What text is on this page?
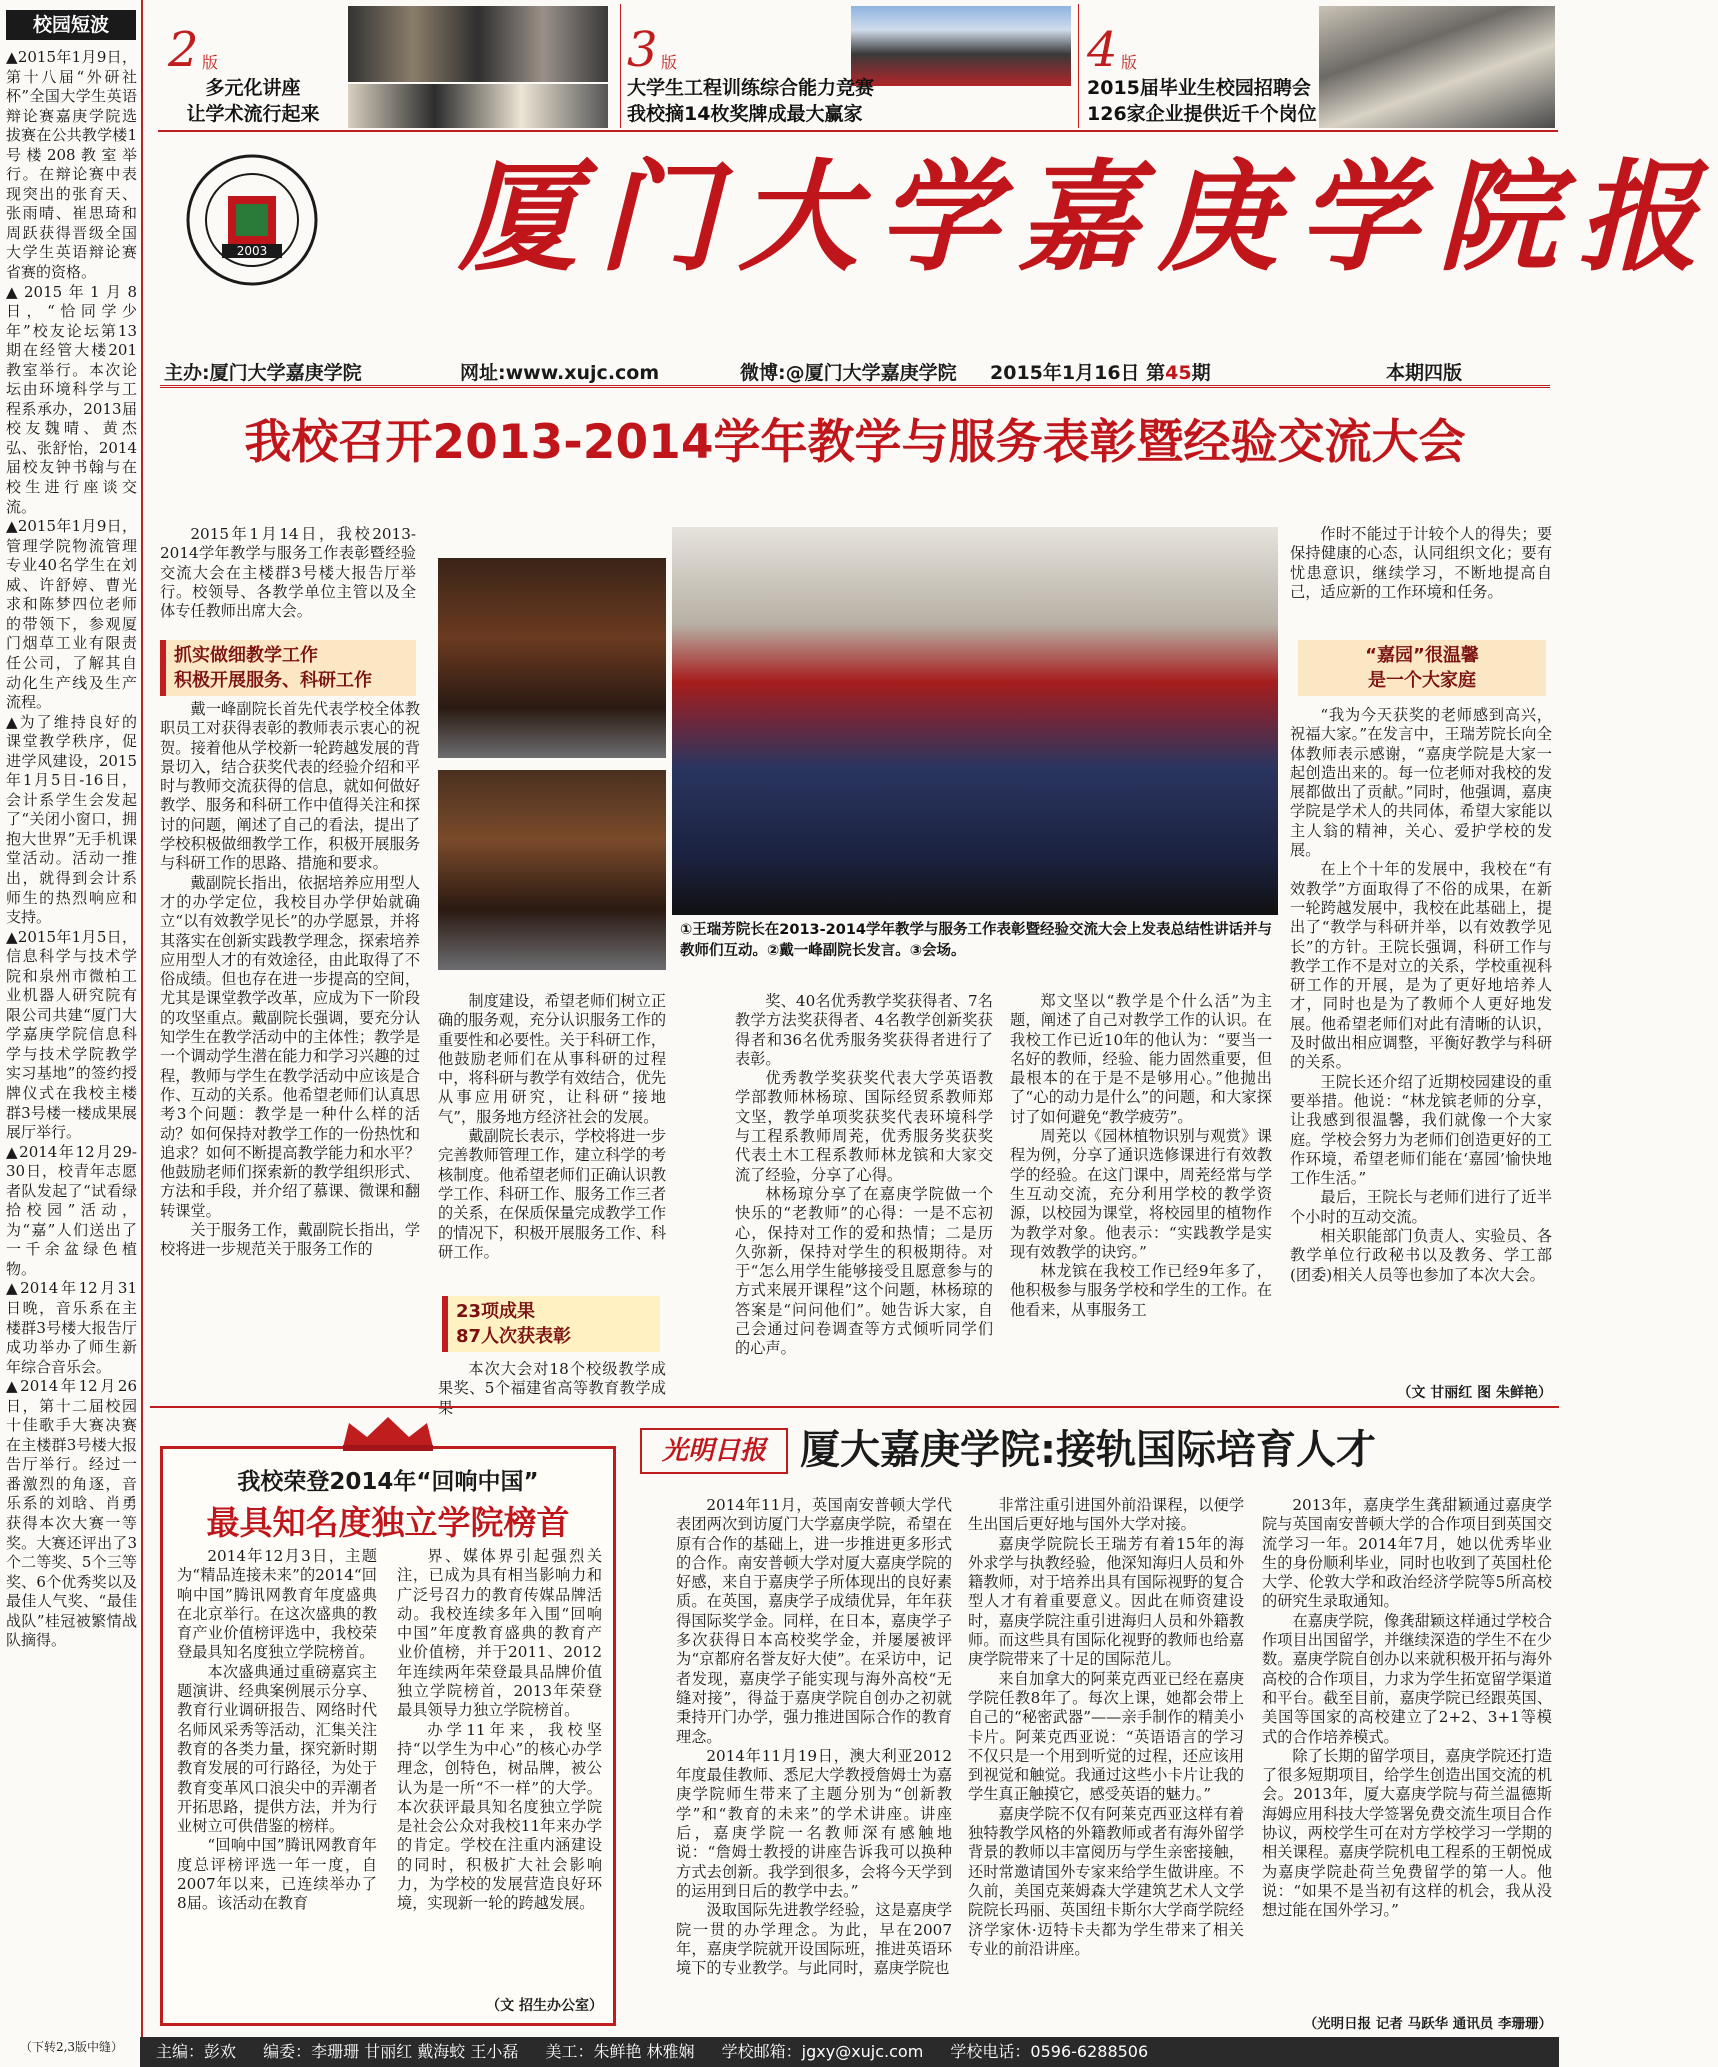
校园短波

▲2015年1月9日，第十八届“外研社杯”全国大学生英语辩论赛嘉庚学院选拔赛在公共教学楼1号楼208教室举行。在辩论赛中表现突出的张育天、张雨晴、崔思琦和周跃获得晋级全国大学生英语辩论赛省赛的资格。

▲2015年1月8日，“恰同学少年”校友论坛第13期在经管大楼201教室举行。本次论坛由环境科学与工程系承办，2013届校友魏晴、黄杰弘、张舒怡，2014届校友钟书翰与在校生进行座谈交流。

▲2015年1月9日，管理学院物流管理专业40名学生在刘威、许舒婷、曹光求和陈梦四位老师的带领下，参观厦门烟草工业有限责任公司，了解其自动化生产线及生产流程。

▲为了维持良好的课堂教学秩序，促进学风建设，2015年1月5日-16日，会计系学生会发起了“关闭小窗口，拥抱大世界”无手机课堂活动。活动一推出，就得到会计系师生的热烈响应和支持。

▲2015年1月5日，信息科学与技术学院和泉州市微柏工业机器人研究院有限公司共建“厦门大学嘉庚学院信息科学与技术学院教学实习基地”的签约授牌仪式在我校主楼群3号楼一楼成果展展厅举行。

▲2014年12月29-30日，校青年志愿者队发起了“试看绿拾校园”活动，为“嘉”人们送出了一千余盆绿色植物。

▲2014年12月31日晚，音乐系在主楼群3号楼大报告厅成功举办了师生新年综合音乐会。

▲2014年12月26日，第十二届校园十佳歌手大赛决赛在主楼群3号楼大报告厅举行。经过一番激烈的角逐，音乐系的刘晗、肖勇获得本次大赛一等奖。大赛还评出了3个二等奖、5个三等奖、6个优秀奖以及最佳人气奖、“最佳战队”桂冠被繁情战队摘得。

（下转2,3版中缝）
2 版
多元化讲座
让学术流行起来
3 版
大学生工程训练综合能力竞赛
我校摘14枚奖牌成最大赢家
4 版
2015届毕业生校园招聘会
126家企业提供近千个岗位
2003 厦门大学嘉庚学院报
主办:厦门大学嘉庚学院	网址:www.xujc.com	微博:@厦门大学嘉庚学院 2015年1月16日 第45期	本期四版
我校召开2013-2014学年教学与服务表彰暨经验交流大会

2015年1月14日，我校2013-2014学年教学与服务工作表彰暨经验交流大会在主楼群3号楼大报告厅举行。校领导、各教学单位主管以及全体专任教师出席大会。

抓实做细教学工作
积极开展服务、科研工作

戴一峰副院长首先代表学校全体教职员工对获得表彰的教师表示衷心的祝贺。接着他从学校新一轮跨越发展的背景切入，结合获奖代表的经验介绍和平时与教师交流获得的信息，就如何做好教学、服务和科研工作中值得关注和探讨的问题，阐述了自己的看法，提出了学校积极做细教学工作，积极开展服务与科研工作的思路、措施和要求。

戴副院长指出，依据培养应用型人才的办学定位，我校目办学伊始就确立“以有效教学见长”的办学愿景，并将其落实在创新实践教学理念，探索培养应用型人才的有效途径，由此取得了不俗成绩。但也存在进一步提高的空间，尤其是课堂教学改革，应成为下一阶段的攻坚重点。戴副院长强调，要充分认知学生在教学活动中的主体性；教学是一个调动学生潜在能力和学习兴趣的过程，教师与学生在教学活动中应该是合作、互动的关系。他希望老师们认真思考3个问题：教学是一种什么样的活动？如何保持对教学工作的一份热忱和追求？如何不断提高教学能力和水平？他鼓励老师们探索新的教学组织形式、方法和手段，并介绍了慕课、微课和翻转课堂。

关于服务工作，戴副院长指出，学校将进一步规范关于服务工作的

①王瑞芳院长在2013-2014学年教学与服务工作表彰暨经验交流大会上发表总结性讲话并与教师们互动。②戴一峰副院长发言。③会场。

制度建设，希望老师们树立正确的服务观，充分认识服务工作的重要性和必要性。关于科研工作，他鼓励老师们在从事科研的过程中，将科研与教学有效结合，优先从事应用研究，让科研“接地气”，服务地方经济社会的发展。

戴副院长表示，学校将进一步完善教师管理工作，建立科学的考核制度。他希望老师们正确认识教学工作、科研工作、服务工作三者的关系，在保质保量完成教学工作的情况下，积极开展服务工作、科研工作。

23项成果
87人次获表彰

本次大会对18个校级教学成果奖、5个福建省高等教育教学成

奖、40名优秀教学奖获得者、7名教学方法奖获得者、4名教学创新奖获得者和36名优秀服务奖获得者进行了表彰。

优秀教学奖获奖代表大学英语教学部教师林杨琼、国际经贸系教师郑文坚，教学单项奖获奖代表环境科学与工程系教师周茺，优秀服务奖获奖代表土木工程系教师林龙镔和大家交流了经验，分享了心得。

林杨琼分享了在嘉庚学院做一个快乐的“老教师”的心得：一是不忘初心，保持对工作的爱和热情；二是历久弥新，保持对学生的积极期待。对于“怎么用学生能够接受且愿意参与的方式来展开课程”这个问题，林杨琼的答案是“问问他们”。她告诉大家，自己会通过问卷调查等方式倾听同学们的心声。

郑文坚以“教学是个什么活”为主题，阐述了自己对教学工作的认识。在我校工作已近10年的他认为：“要当一名好的教师，经验、能力固然重要，但最根本的在于是不是够用心。”他抛出了“心的动力是什么”的问题，和大家探讨了如何避免“教学疲劳”。

周茺以《园林植物识别与观赏》课程为例，分享了通识选修课进行有效教学的经验。在这门课中，周茺经常与学生互动交流，充分利用学校的教学资源，以校园为课堂，将校园里的植物作为教学对象。他表示：“实践教学是实现有效教学的诀窍。”

林龙镔在我校工作已经9年多了，他积极参与服务学校和学生的工作。在他看来，从事服务工

作时不能过于计较个人的得失；要保持健康的心态，认同组织文化；要有忧患意识，继续学习，不断地提高自己，适应新的工作环境和任务。

“嘉园”很温馨
是一个大家庭

“我为今天获奖的老师感到高兴，祝福大家。”在发言中，王瑞芳院长向全体教师表示感谢，“嘉庚学院是大家一起创造出来的。每一位老师对我校的发展都做出了贡献。”同时，他强调，嘉庚学院是学术人的共同体，希望大家能以主人翁的精神，关心、爱护学校的发展。

在上个十年的发展中，我校在“有效教学”方面取得了不俗的成果，在新一轮跨越发展中，我校在此基础上，提出了“教学与科研并举，以有效教学见长”的方针。王院长强调，科研工作与教学工作不是对立的关系，学校重视科研工作的开展，是为了更好地培养人才，同时也是为了教师个人更好地发展。他希望老师们对此有清晰的认识，及时做出相应调整，平衡好教学与科研的关系。

王院长还介绍了近期校园建设的重要举措。他说：“林龙镔老师的分享，让我感到很温馨，我们就像一个大家庭。学校会努力为老师们创造更好的工作环境，希望老师们能在‘嘉园’愉快地工作生活。”

最后，王院长与老师们进行了近半个小时的互动交流。

相关职能部门负责人、实验员、各教学单位行政秘书以及教务、学工部(团委)相关人员等也参加了本次大会。

（文 甘丽红 图 朱鲜艳）
我校荣登2014年“回响中国”
最具知名度独立学院榜首

2014年12月3日，主题为“精品连接未来”的2014“回响中国”腾讯网教育年度盛典在北京举行。在这次盛典的教育产业价值榜评选中，我校荣登最具知名度独立学院榜首。

本次盛典通过重磅嘉宾主题演讲、经典案例展示分享、教育行业调研报告、网络时代名师风采秀等活动，汇集关注教育的各类力量，探究新时期教育发展的可行路径，为处于教育变革风口浪尖中的弄潮者开拓思路，提供方法，并为行业树立可供借鉴的榜样。

“回响中国”腾讯网教育年度总评榜评选一年一度，自2007年以来，已连续举办了8届。该活动在教育

界、媒体界引起强烈关注，已成为具有相当影响力和广泛号召力的教育传媒品牌活动。我校连续多年入围“回响中国”年度教育盛典的教育产业价值榜，并于2011、2012年连续两年荣登最具品牌价值独立学院榜首，2013年荣登最具领导力独立学院榜首。

办学11年来，我校坚持“以学生为中心”的核心办学理念，创特色，树品牌，被公认为是一所“不一样”的大学。本次获评最具知名度独立学院是社会公众对我校11年来办学的肯定。学校在注重内涵建设的同时，积极扩大社会影响力，为学校的发展营造良好环境，实现新一轮的跨越发展。

（文 招生办公室）
光明日报 厦大嘉庚学院:接轨国际培育人才

2014年11月，英国南安普顿大学代表团两次到访厦门大学嘉庚学院，希望在原有合作的基础上，进一步推进更多形式的合作。南安普顿大学对厦大嘉庚学院的好感，来自于嘉庚学子所体现出的良好素质。在英国，嘉庚学子成绩优异，年年获得国际奖学金。同样，在日本，嘉庚学子多次获得日本高校奖学金，并屡屡被评为“京都府名誉友好大使”。在采访中，记者发现，嘉庚学子能实现与海外高校“无缝对接”，得益于嘉庚学院自创办之初就秉持开门办学，强力推进国际合作的教育理念。

2014年11月19日，澳大利亚2012年度最佳教师、悉尼大学教授詹姆士为嘉庚学院师生带来了主题分别为“创新教学”和“教育的未来”的学术讲座。讲座后，嘉庚学院一名教师深有感触地说：“詹姆士教授的讲座告诉我可以换种方式去创新。我学到很多，会将今天学到的运用到日后的教学中去。”

汲取国际先进教学经验，这是嘉庚学院一贯的办学理念。为此，早在2007年，嘉庚学院就开设国际班，推进英语环境下的专业教学。与此同时，嘉庚学院也

非常注重引进国外前沿课程，以便学生出国后更好地与国外大学对接。

嘉庚学院院长王瑞芳有着15年的海外求学与执教经验，他深知海归人员和外籍教师，对于培养出具有国际视野的复合型人才有着重要意义。因此在师资建设时，嘉庚学院注重引进海归人员和外籍教师。而这些具有国际化视野的教师也给嘉庚学院带来了十足的国际范儿。

来自加拿大的阿莱克西亚已经在嘉庚学院任教8年了。每次上课，她都会带上自己的“秘密武器”——亲手制作的精美小卡片。阿莱克西亚说：“英语语言的学习不仅只是一个用到听觉的过程，还应该用到视觉和触觉。我通过这些小卡片让我的学生真正触摸它，感受英语的魅力。”

嘉庚学院不仅有阿莱克西亚这样有着独特教学风格的外籍教师或者有海外留学背景的教师以丰富阅历与学生亲密接触，还时常邀请国外专家来给学生做讲座。不久前，美国克莱姆森大学建筑艺术人文学院院长玛丽、英国纽卡斯尔大学商学院经济学家休·迈特卡夫都为学生带来了相关专业的前沿讲座。

2013年，嘉庚学生龚甜颖通过嘉庚学院与英国南安普顿大学的合作项目到英国交流学习一年。2014年7月，她以优秀毕业生的身份顺利毕业，同时也收到了英国杜伦大学、伦敦大学和政治经济学院等5所高校的研究生录取通知。

在嘉庚学院，像龚甜颖这样通过学校合作项目出国留学，并继续深造的学生不在少数。嘉庚学院自创办以来就积极开拓与海外高校的合作项目，力求为学生拓宽留学渠道和平台。截至目前，嘉庚学院已经跟英国、美国等国家的高校建立了2+2、3+1等模式的合作培养模式。

除了长期的留学项目，嘉庚学院还打造了很多短期项目，给学生创造出国交流的机会。2013年，厦大嘉庚学院与荷兰温德斯海姆应用科技大学签署免费交流生项目合作协议，两校学生可在对方学校学习一学期的相关课程。嘉庚学院机电工程系的王朝悦成为嘉庚学院赴荷兰免费留学的第一人。他说：“如果不是当初有这样的机会，我从没想过能在国外学习。”

（光明日报 记者 马跃华 通讯员 李珊珊）
主编：彭欢 编委：李珊珊 甘丽红 戴海蛟 王小磊 美工：朱鲜艳 林雅娴 学校邮箱：jgxy@xujc.com 学校电话：0596-6288506
